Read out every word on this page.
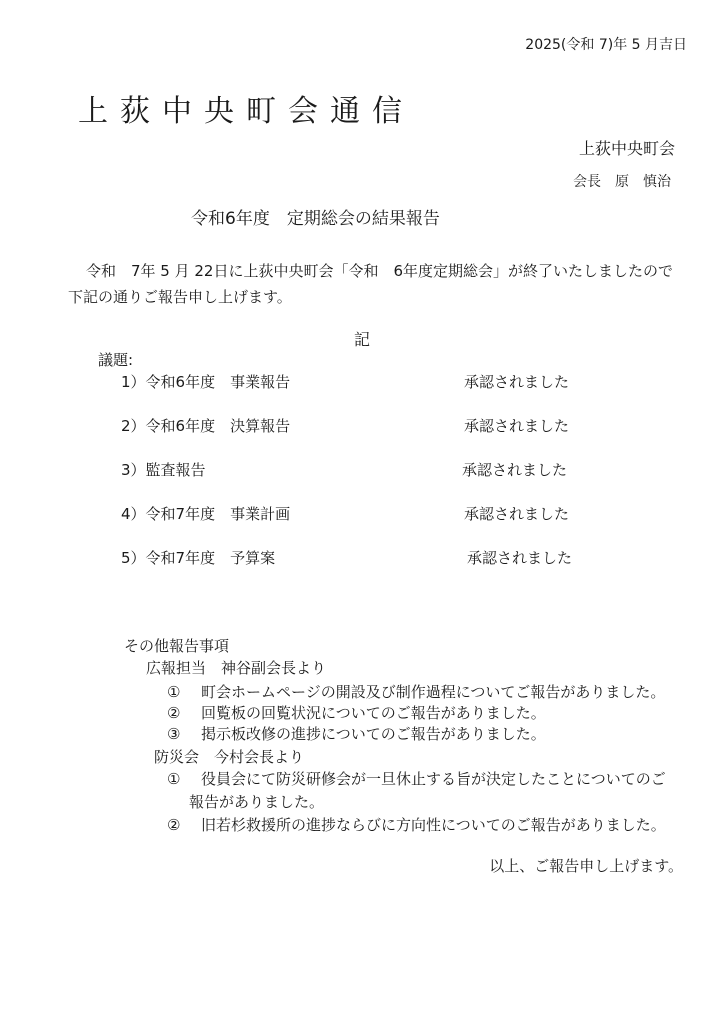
2025(令和 7)年 5 月吉日
上荻中央町会通信
上荻中央町会
会長　原　慎治
令和6年度　定期総会の結果報告
令和　7年 5 月 22日に上荻中央町会「令和　6年度定期総会」が終了いたしましたので
下記の通りご報告申し上げます。
記
議題:
1）令和6年度　事業報告	承認されました
2）令和6年度　決算報告	承認されました
3）監査報告	承認されました
4）令和7年度　事業計画	承認されました
5）令和7年度　予算案	承認されました
その他報告事項
広報担当　神谷副会長より
① 町会ホームページの開設及び制作過程についてご報告がありました。
② 回覧板の回覧状況についてのご報告がありました。
③ 掲示板改修の進捗についてのご報告がありました。
防災会　今村会長より
① 役員会にて防災研修会が一旦休止する旨が決定したことについてのご
報告がありました。
② 旧若杉救援所の進捗ならびに方向性についてのご報告がありました。
以上、ご報告申し上げます。
